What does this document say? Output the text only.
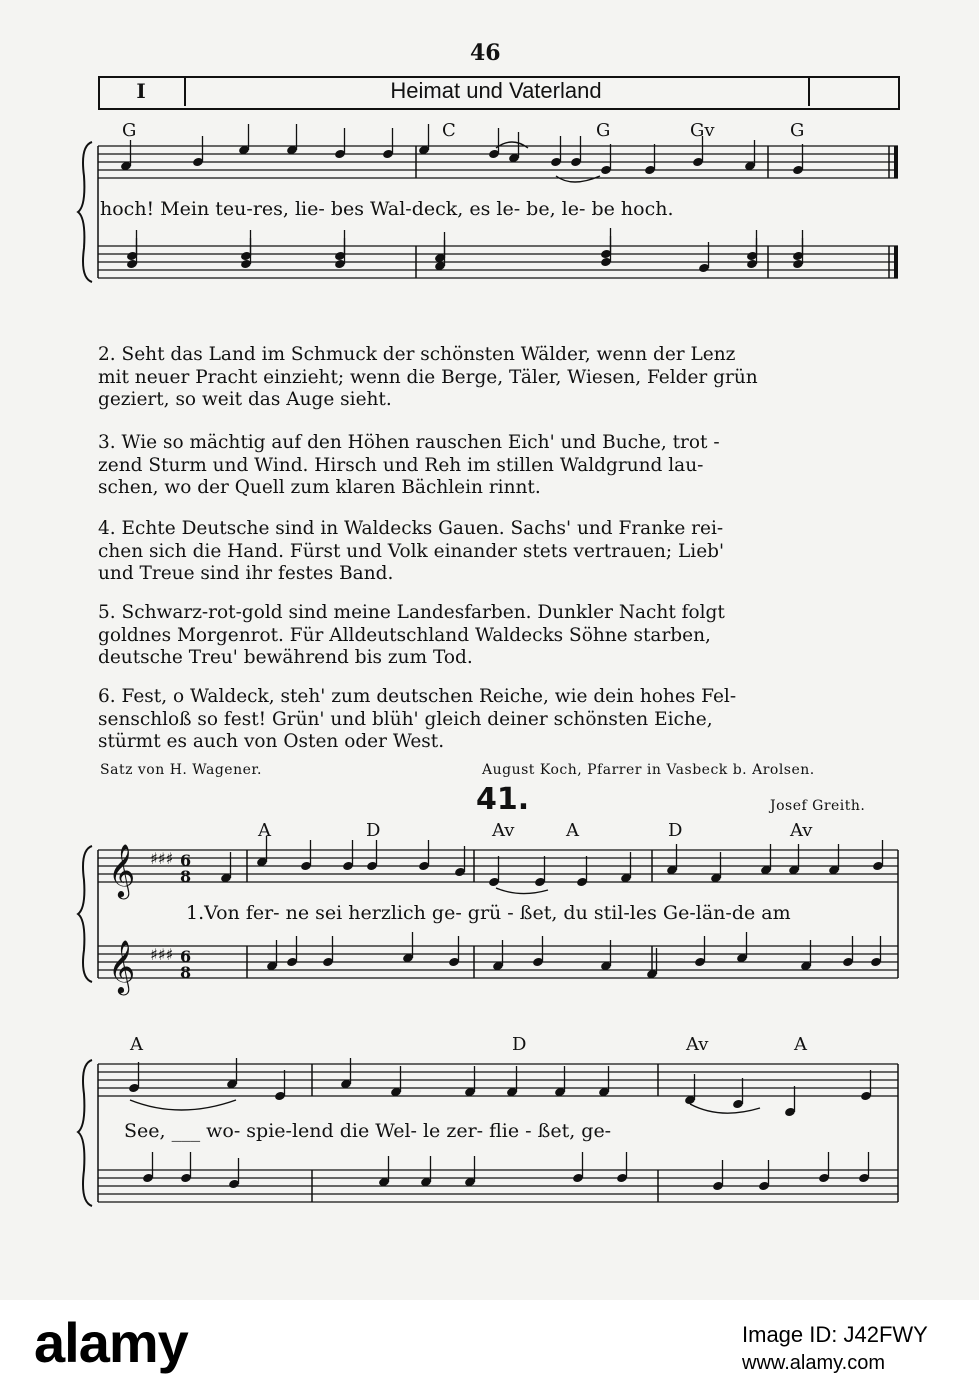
𝄞
𝄞
♯♯♯
♯♯♯
6
8
6
8
46
I	Heimat und Vaterland
G	C	G	Gv	G
hoch! Mein teu-res, lie- bes Wal-deck, es le- be, le- be hoch.
2. Seht das Land im Schmuck der schönsten Wälder, wenn der Lenz
mit neuer Pracht einzieht; wenn die Berge, Täler, Wiesen, Felder grün
geziert, so weit das Auge sieht.
3. Wie so mächtig auf den Höhen rauschen Eich' und Buche, trot -
zend Sturm und Wind. Hirsch und Reh im stillen Waldgrund lau-
schen, wo der Quell zum klaren Bächlein rinnt.
4. Echte Deutsche sind in Waldecks Gauen. Sachs' und Franke rei-
chen sich die Hand. Fürst und Volk einander stets vertrauen; Lieb'
und Treue sind ihr festes Band.
5. Schwarz-rot-gold sind meine Landesfarben. Dunkler Nacht folgt
goldnes Morgenrot. Für Alldeutschland Waldecks Söhne starben,
deutsche Treu' bewährend bis zum Tod.
6. Fest, o Waldeck, steh' zum deutschen Reiche, wie dein hohes Fel-
senschloß so fest! Grün' und blüh' gleich deiner schönsten Eiche,
stürmt es auch von Osten oder West.
Satz von H. Wagener.	August Koch, Pfarrer in Vasbeck b. Arolsen.
41.	Josef Greith.
A	D	Av	A	D	Av
1.Von fer- ne sei herzlich ge- grü - ßet, du stil-les Ge-län-de am
A	D	Av	A
See, ___ wo- spie-lend die Wel- le zer- flie - ßet, ge-
alamy	Image ID: J42FWY
www.alamy.com
